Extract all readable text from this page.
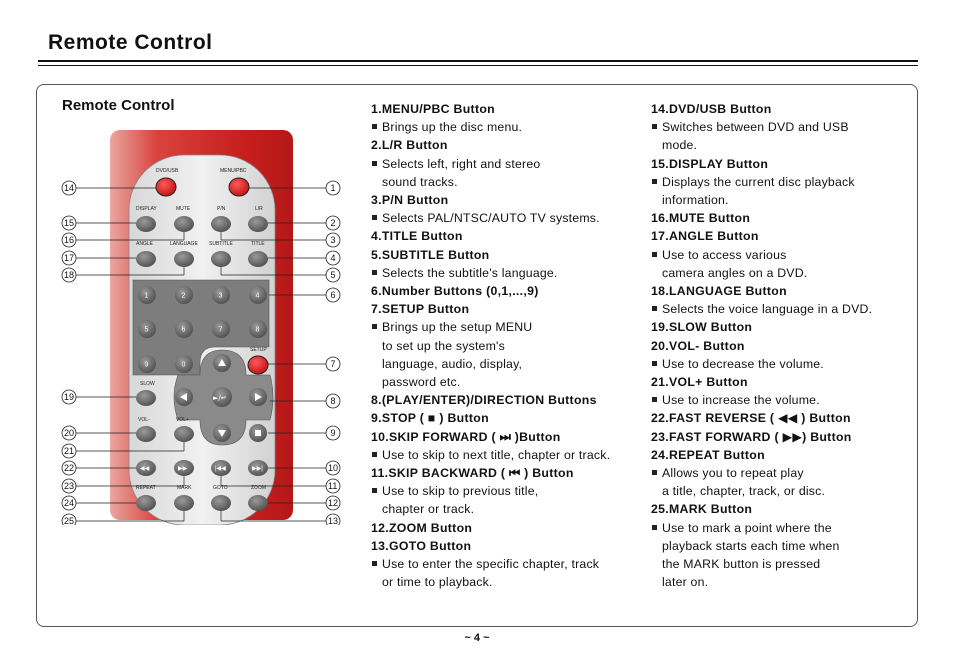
Remote Control
Remote Control
DVD/USB	MENU/PBC
DISPLAY	MUTE	P/N	L/R
ANGLE	LANGUAGE SUBTITLE	TITLE
1	2	3	4
5	6	7	8
9	0
SETUP
SLOW
►/↵
VOL-	VOL+
◀◀	▶▶	|◀◀	▶▶|
REPEAT	MARK	GOTO	ZOOM
14
15
16
17
18
19
20
21
22
23
24
25
1
2
3
4
5
6
7
8
9
10
11
12
13
1.MENU/PBC Button
Brings up the disc menu.
2.L/R Button
Selects left, right and stereo
sound tracks.
3.P/N Button
Selects PAL/NTSC/AUTO TV systems.
4.TITLE Button
5.SUBTITLE Button
Selects the subtitle's language.
6.Number Buttons (0,1,...,9)
7.SETUP Button
Brings up the setup MENU
to set up the system's
language, audio, display,
password etc.
8.(PLAY/ENTER)/DIRECTION Buttons
9.STOP ( ■ ) Button
10.SKIP FORWARD ( ⏭ )Button
Use to skip to next title, chapter or track.
11.SKIP BACKWARD ( ⏮ ) Button
Use to skip to previous title,
chapter or track.
12.ZOOM Button
13.GOTO Button
Use to enter the specific chapter, track
or time to playback.
14.DVD/USB Button
Switches between DVD and USB
mode.
15.DISPLAY Button
Displays the current disc playback
information.
16.MUTE Button
17.ANGLE Button
Use to access various
camera angles on a DVD.
18.LANGUAGE Button
Selects the voice language in a DVD.
19.SLOW Button
20.VOL- Button
Use to decrease the volume.
21.VOL+ Button
Use to increase the volume.
22.FAST REVERSE ( ◀◀ ) Button
23.FAST FORWARD ( ▶▶) Button
24.REPEAT Button
Allows you to repeat play
a title, chapter, track, or disc.
25.MARK Button
Use to mark a point where the
playback starts each time when
the MARK button is pressed
later on.
~ 4 ~
